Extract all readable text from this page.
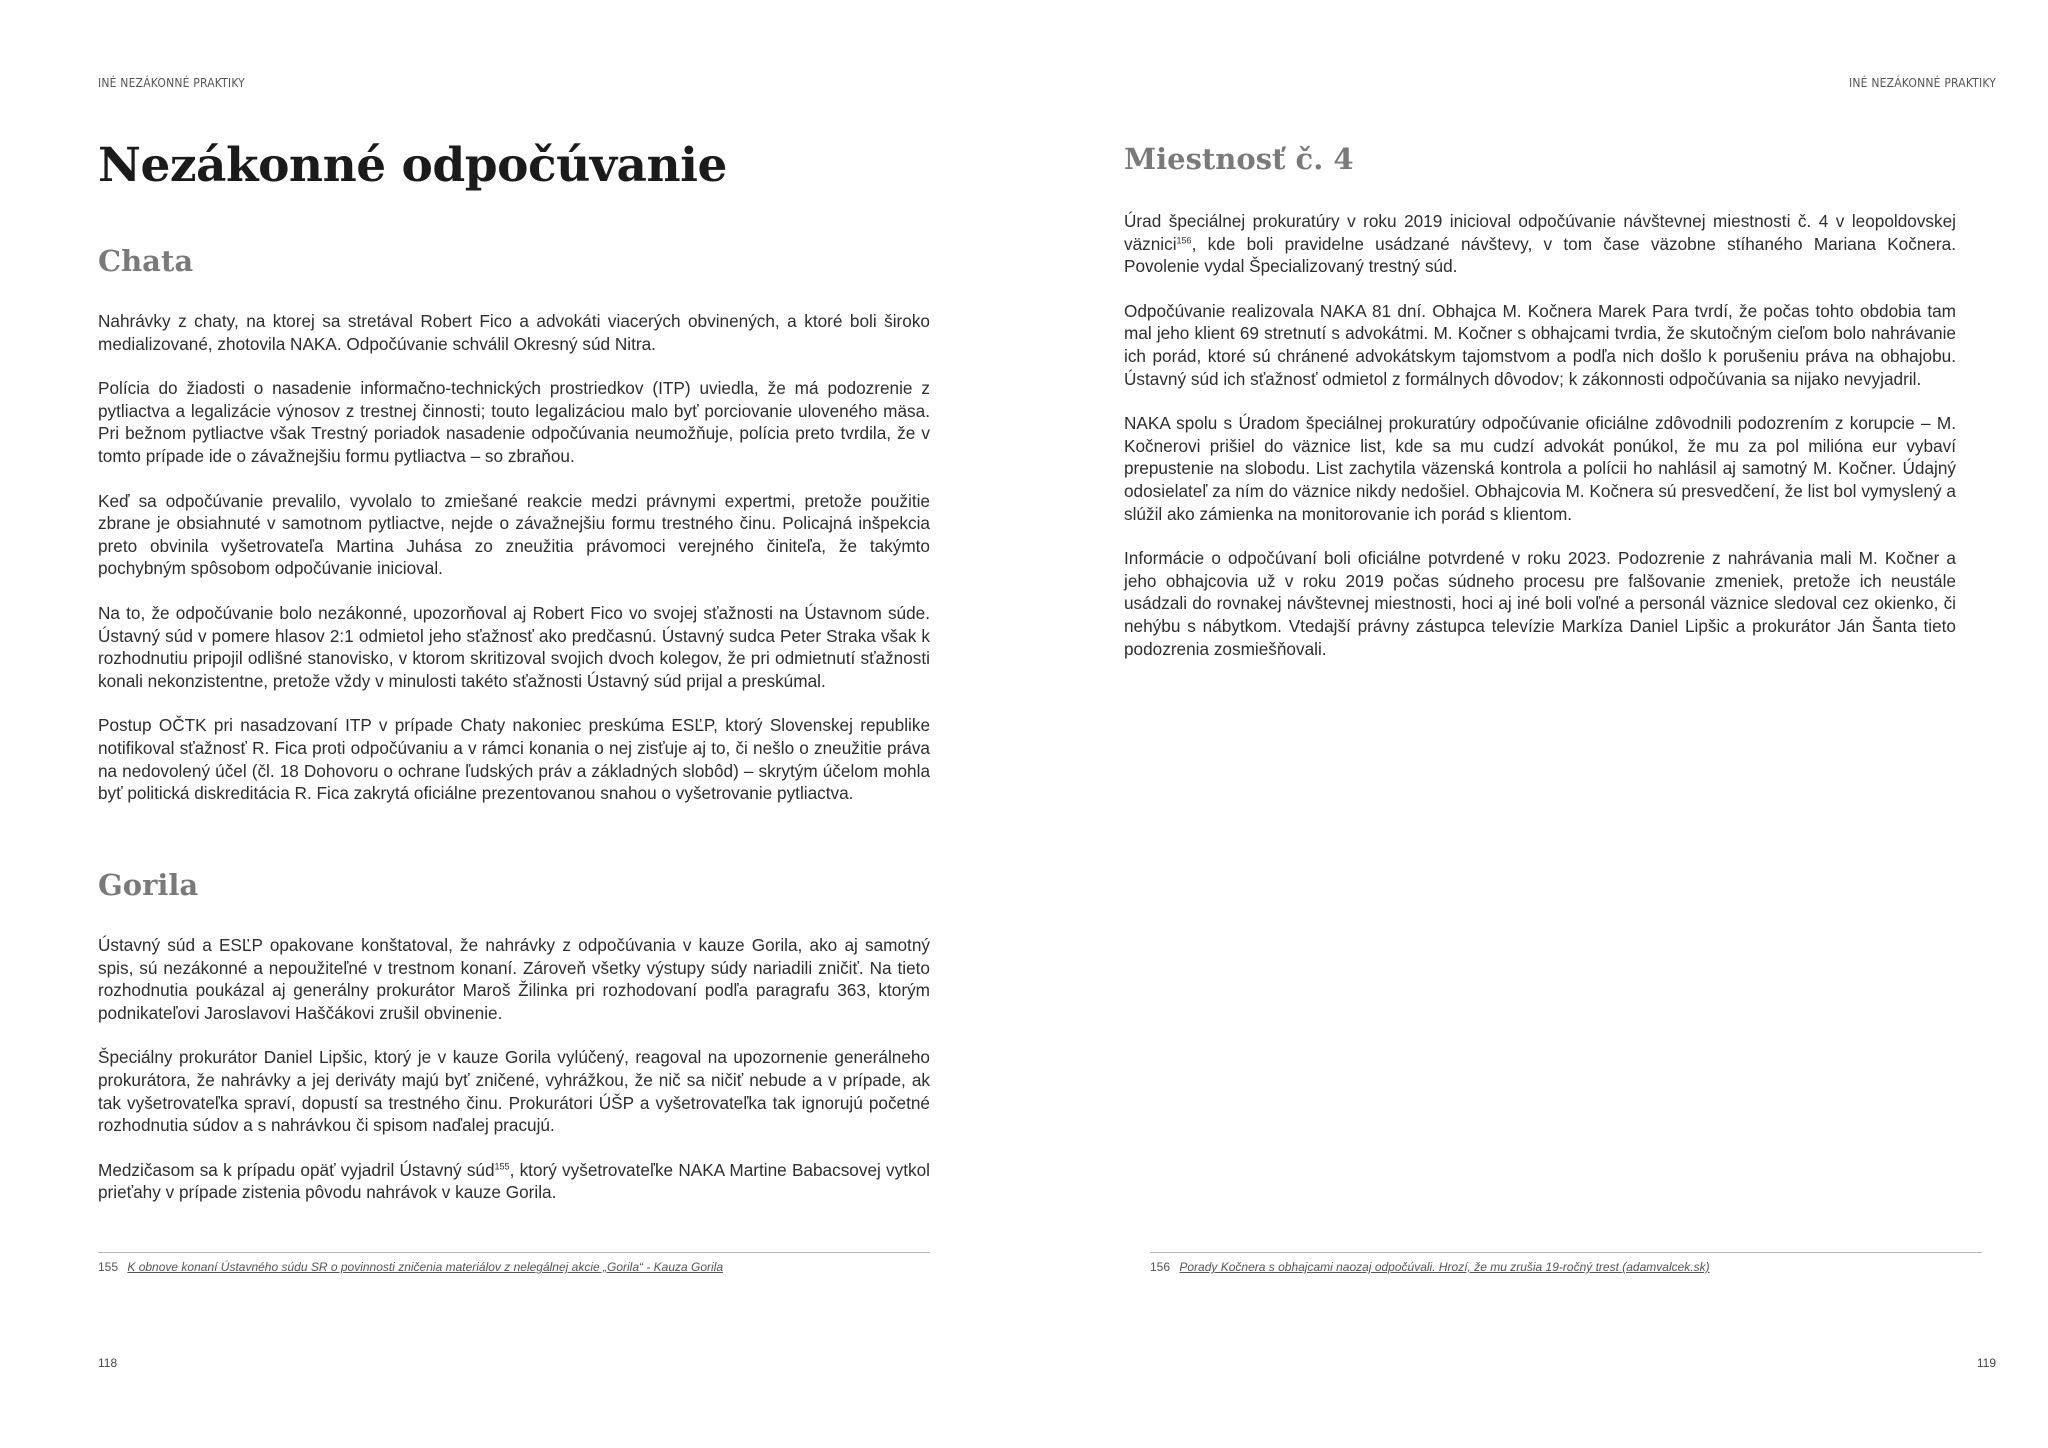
INÉ NEZÁKONNÉ PRAKTIKY
Nezákonné odpočúvanie
Chata

Nahrávky z chaty, na ktorej sa stretával Robert Fico a advokáti viacerých obvinených, a ktoré boli široko medializované, zhotovila NAKA. Odpočúvanie schválil Okresný súd Nitra.

Polícia do žiadosti o nasadenie informačno-technických prostriedkov (ITP) uviedla, že má podozrenie z pytliactva a legalizácie výnosov z trestnej činnosti; touto legalizáciou malo byť porciovanie uloveného mäsa. Pri bežnom pytliactve však Trestný poriadok nasadenie odpočúvania neumožňuje, polícia preto tvrdila, že v tomto prípade ide o závažnejšiu formu pytliactva – so zbraňou.

Keď sa odpočúvanie prevalilo, vyvolalo to zmiešané reakcie medzi právnymi expertmi, pretože použitie zbrane je obsiahnuté v samotnom pytliactve, nejde o závažnejšiu formu trestného činu. Policajná inšpekcia preto obvinila vyšetrovateľa Martina Juhása zo zneužitia právomoci verejného činiteľa, že takýmto pochybným spôsobom odpočúvanie inicioval.

Na to, že odpočúvanie bolo nezákonné, upozorňoval aj Robert Fico vo svojej sťažnosti na Ústavnom súde. Ústavný súd v pomere hlasov 2:1 odmietol jeho sťažnosť ako predčasnú. Ústavný sudca Peter Straka však k rozhodnutiu pripojil odlišné stanovisko, v ktorom skritizoval svojich dvoch kolegov, že pri odmietnutí sťažnosti konali nekonzistentne, pretože vždy v minulosti takéto sťažnosti Ústavný súd prijal a preskúmal.

Postup OČTK pri nasadzovaní ITP v prípade Chaty nakoniec preskúma ESĽP, ktorý Slovenskej republike notifikoval sťažnosť R. Fica proti odpočúvaniu a v rámci konania o nej zisťuje aj to, či nešlo o zneužitie práva na nedovolený účel (čl. 18 Dohovoru o ochrane ľudských práv a základných slobôd) – skrytým účelom mohla byť politická diskreditácia R. Fica zakrytá oficiálne prezentovanou snahou o vyšetrovanie pytliactva.

Gorila

Ústavný súd a ESĽP opakovane konštatoval, že nahrávky z odpočúvania v kauze Gorila, ako aj samotný spis, sú nezákonné a nepoužiteľné v trestnom konaní. Zároveň všetky výstupy súdy nariadili zničiť. Na tieto rozhodnutia poukázal aj generálny prokurátor Maroš Žilinka pri rozhodovaní podľa paragrafu 363, ktorým podnikateľovi Jaroslavovi Haščákovi zrušil obvinenie.

Špeciálny prokurátor Daniel Lipšic, ktorý je v kauze Gorila vylúčený, reagoval na upozornenie generálneho prokurátora, že nahrávky a jej deriváty majú byť zničené, vyhrážkou, že nič sa ničiť nebude a v prípade, ak tak vyšetrovateľka spraví, dopustí sa trestného činu. Prokurátori ÚŠP a vyšetrovateľka tak ignorujú početné rozhodnutia súdov a s nahrávkou či spisom naďalej pracujú.

Medzičasom sa k prípadu opäť vyjadril Ústavný súd$^{155}$, ktorý vyšetrovateľke NAKA Martine Babacsovej vytkol prieťahy v prípade zistenia pôvodu nahrávok v kauze Gorila.

155 K obnove konaní Ústavného súdu SR o povinnosti zničenia materiálov z nelegálnej akcie „Gorila“ - Kauza Gorila
118
INÉ NEZÁKONNÉ PRAKTIKY
Miestnosť č. 4

Úrad špeciálnej prokuratúry v roku 2019 inicioval odpočúvanie návštevnej miestnosti č. 4 v leopoldovskej väznici$^{156}$, kde boli pravidelne usádzané návštevy, v tom čase väzobne stíhaného Mariana Kočnera. Povolenie vydal Špecializovaný trestný súd.

Odpočúvanie realizovala NAKA 81 dní. Obhajca M. Kočnera Marek Para tvrdí, že počas tohto obdobia tam mal jeho klient 69 stretnutí s advokátmi. M. Kočner s obhajcami tvrdia, že skutočným cieľom bolo nahrávanie ich porád, ktoré sú chránené advokátskym tajomstvom a podľa nich došlo k porušeniu práva na obhajobu. Ústavný súd ich sťažnosť odmietol z formálnych dôvodov; k zákonnosti odpočúvania sa nijako nevyjadril.

NAKA spolu s Úradom špeciálnej prokuratúry odpočúvanie oficiálne zdôvodnili podozrením z korupcie – M. Kočnerovi prišiel do väznice list, kde sa mu cudzí advokát ponúkol, že mu za pol milióna eur vybaví prepustenie na slobodu. List zachytila väzenská kontrola a polícii ho nahlásil aj samotný M. Kočner. Údajný odosielateľ za ním do väznice nikdy nedošiel. Obhajcovia M. Kočnera sú presvedčení, že list bol vymyslený a slúžil ako zámienka na monitorovanie ich porád s klientom.

Informácie o odpočúvaní boli oficiálne potvrdené v roku 2023. Podozrenie z nahrávania mali M. Kočner a jeho obhajcovia už v roku 2019 počas súdneho procesu pre falšovanie zmeniek, pretože ich neustále usádzali do rovnakej návštevnej miestnosti, hoci aj iné boli voľné a personál väznice sledoval cez okienko, či nehýbu s nábytkom. Vtedajší právny zástupca televízie Markíza Daniel Lipšic a prokurátor Ján Šanta tieto podozrenia zosmiešňovali.

156 Porady Kočnera s obhajcami naozaj odpočúvali. Hrozí, že mu zrušia 19-ročný trest (adamvalcek.sk)
119
